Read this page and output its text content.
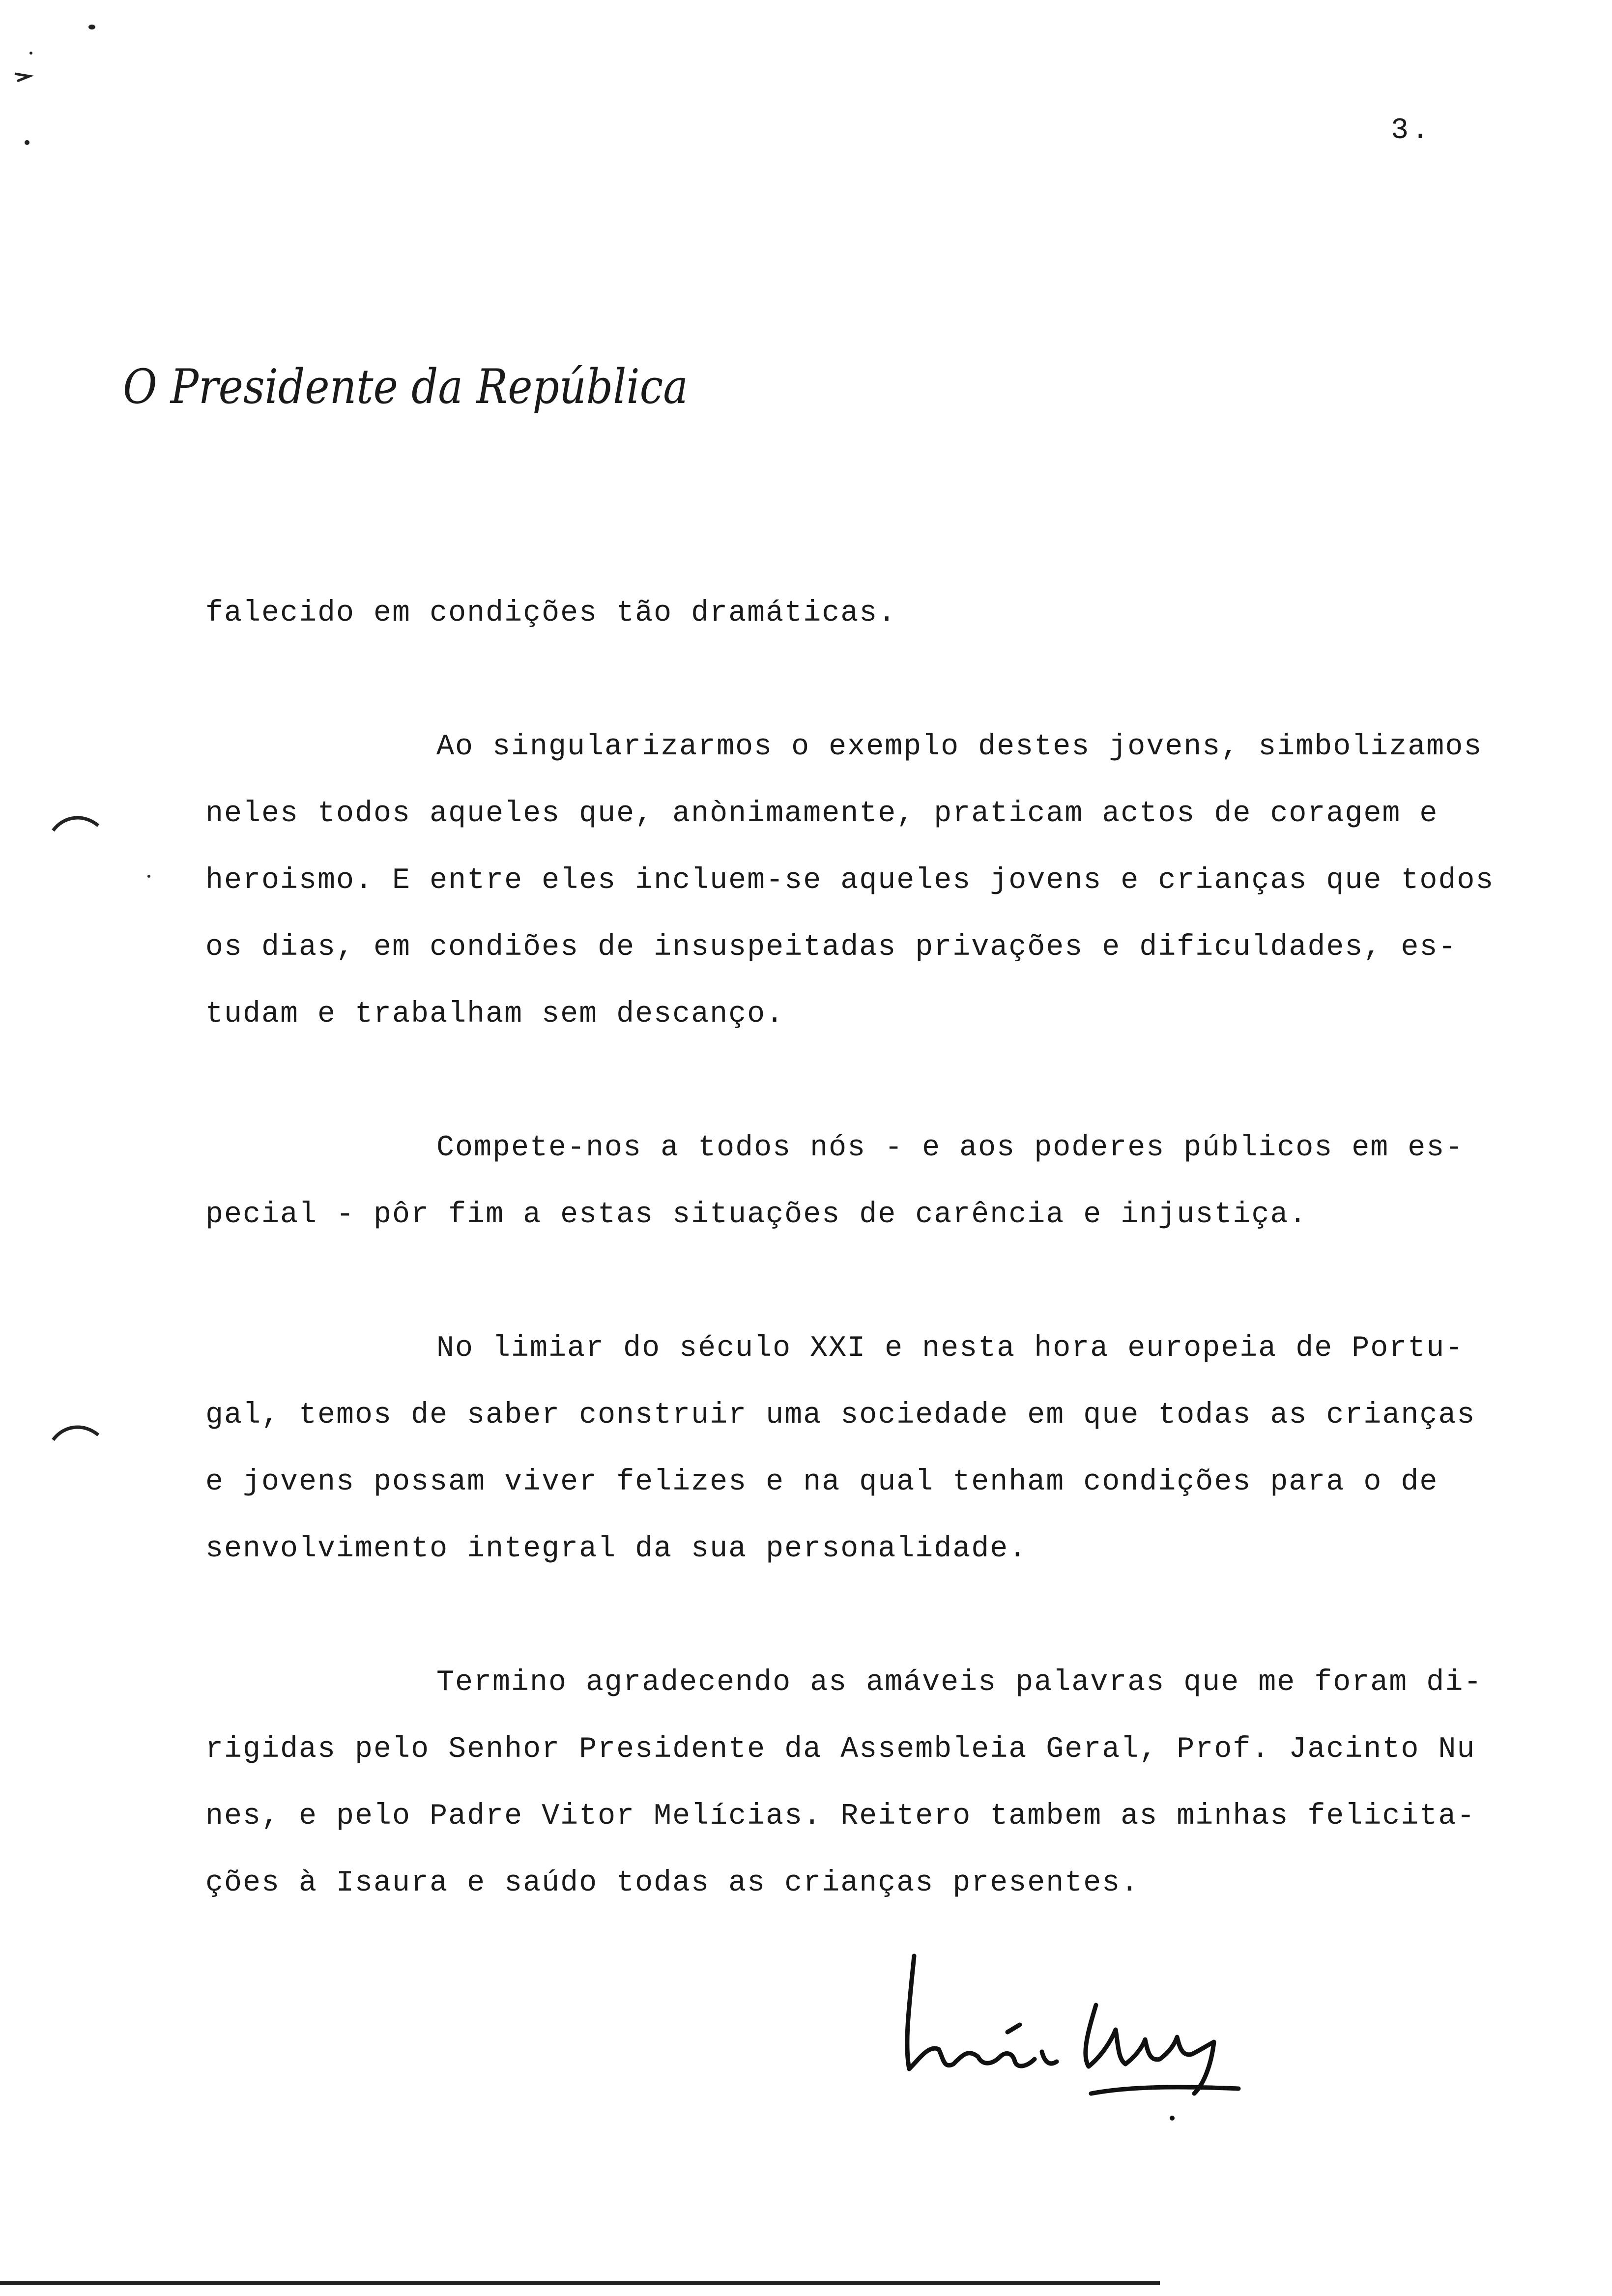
3.
O Presidente da República
falecido em condições tão dramáticas.
Ao singularizarmos o exemplo destes jovens, simbolizamos
neles todos aqueles que, anònimamente, praticam actos de coragem e
heroismo. E entre eles incluem-se aqueles jovens e crianças que todos
os dias, em condiões de insuspeitadas privações e dificuldades, es-
tudam e trabalham sem descanço.
Compete-nos a todos nós - e aos poderes públicos em es-
pecial - pôr fim a estas situações de carência e injustiça.
No limiar do século XXI e nesta hora europeia de Portu-
gal, temos de saber construir uma sociedade em que todas as crianças
e jovens possam viver felizes e na qual tenham condições para o de
senvolvimento integral da sua personalidade.
Termino agradecendo as amáveis palavras que me foram di-
rigidas pelo Senhor Presidente da Assembleia Geral, Prof. Jacinto Nu
nes, e pelo Padre Vitor Melícias. Reitero tambem as minhas felicita-
ções à Isaura e saúdo todas as crianças presentes.
